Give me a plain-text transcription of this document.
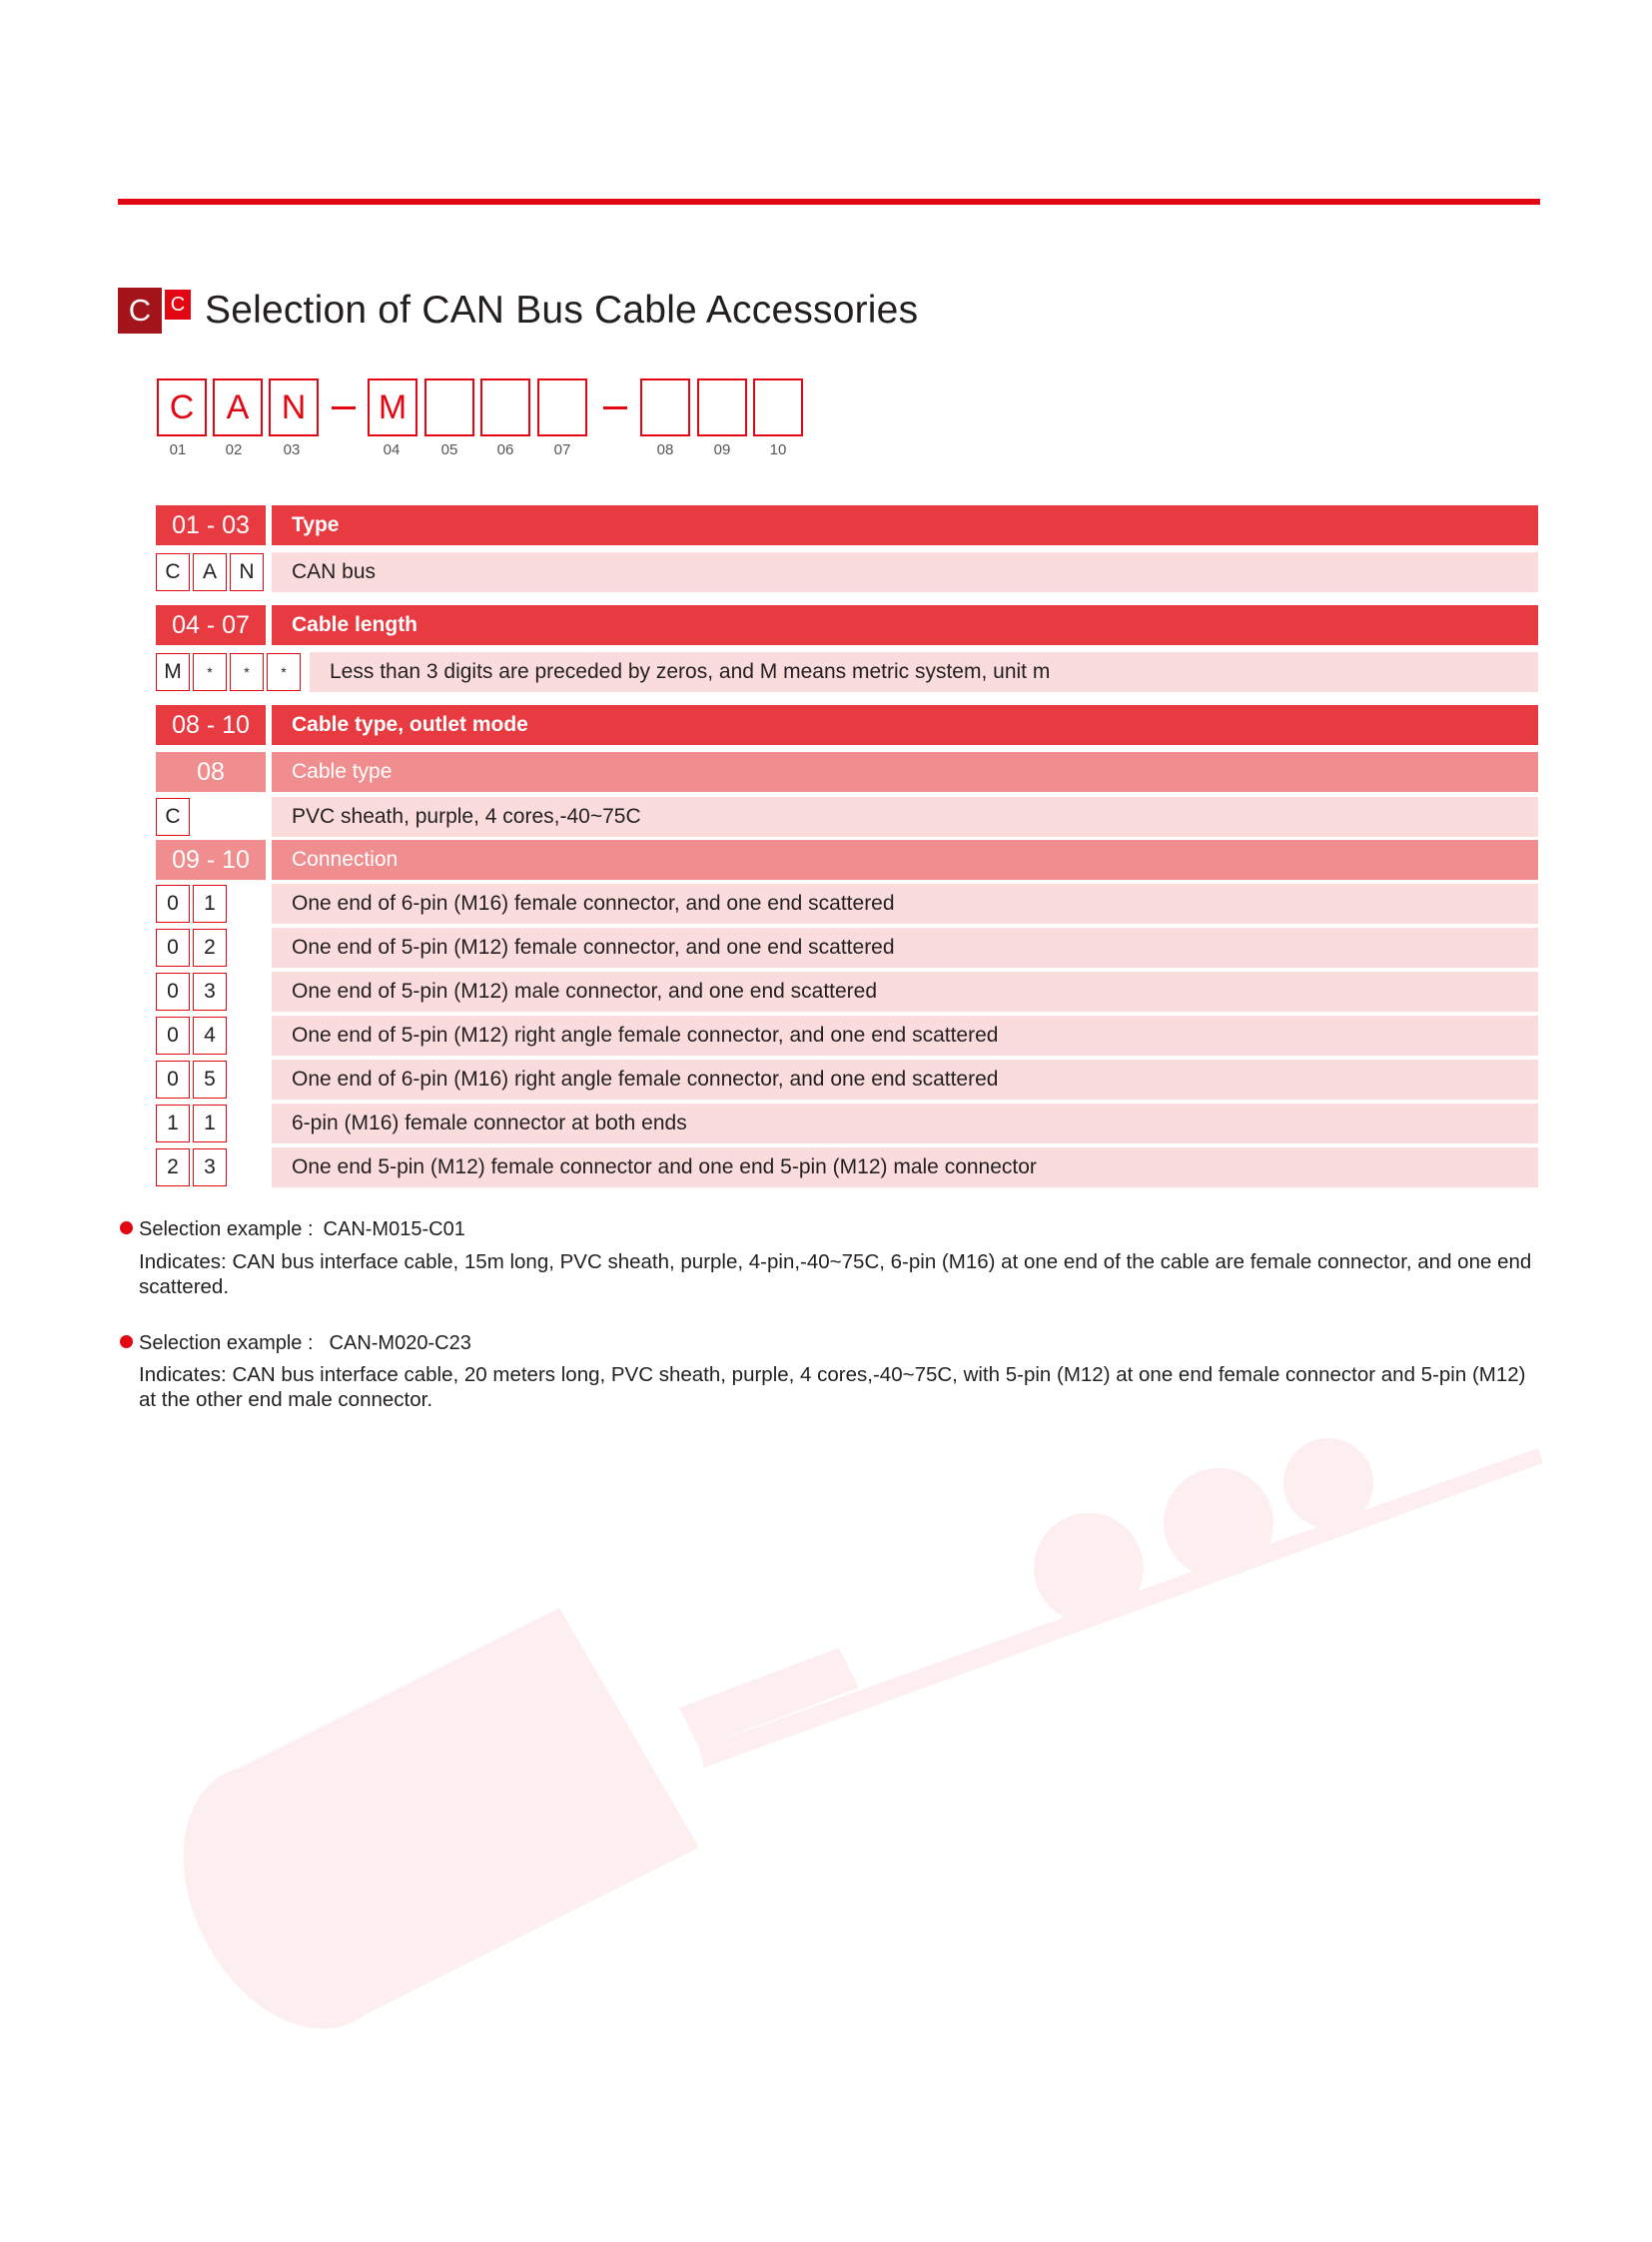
C C Selection of CAN Bus Cable Accessories
C A N	M
01	02	03	04	05	06	07	08	09	10
01 - 03	Type
C	A	N	CAN bus
04 - 07	Cable length
M	*	*	*	Less than 3 digits are preceded by zeros, and M means metric system, unit m
08 - 10	Cable type, outlet mode
08	Cable type
C	PVC sheath, purple, 4 cores,-40~75C
09 - 10	Connection
0	1	One end of 6-pin (M16) female connector, and one end scattered
0	2	One end of 5-pin (M12) female connector, and one end scattered
0	3	One end of 5-pin (M12) male connector, and one end scattered
0	4	One end of 5-pin (M12) right angle female connector, and one end scattered
0	5	One end of 6-pin (M16) right angle female connector, and one end scattered
1	1	6-pin (M16) female connector at both ends
2	3	One end 5-pin (M12) female connector and one end 5-pin (M12) male connector
Selection example : CAN-M015-C01
Indicates: CAN bus interface cable, 15m long, PVC sheath, purple, 4-pin,-40~75C, 6-pin (M16) at one end of the cable are female connector, and one end scattered.
Selection example : CAN-M020-C23
Indicates: CAN bus interface cable, 20 meters long, PVC sheath, purple, 4 cores,-40~75C, with 5-pin (M12) at one end female connector and 5-pin (M12) at the other end male connector.
